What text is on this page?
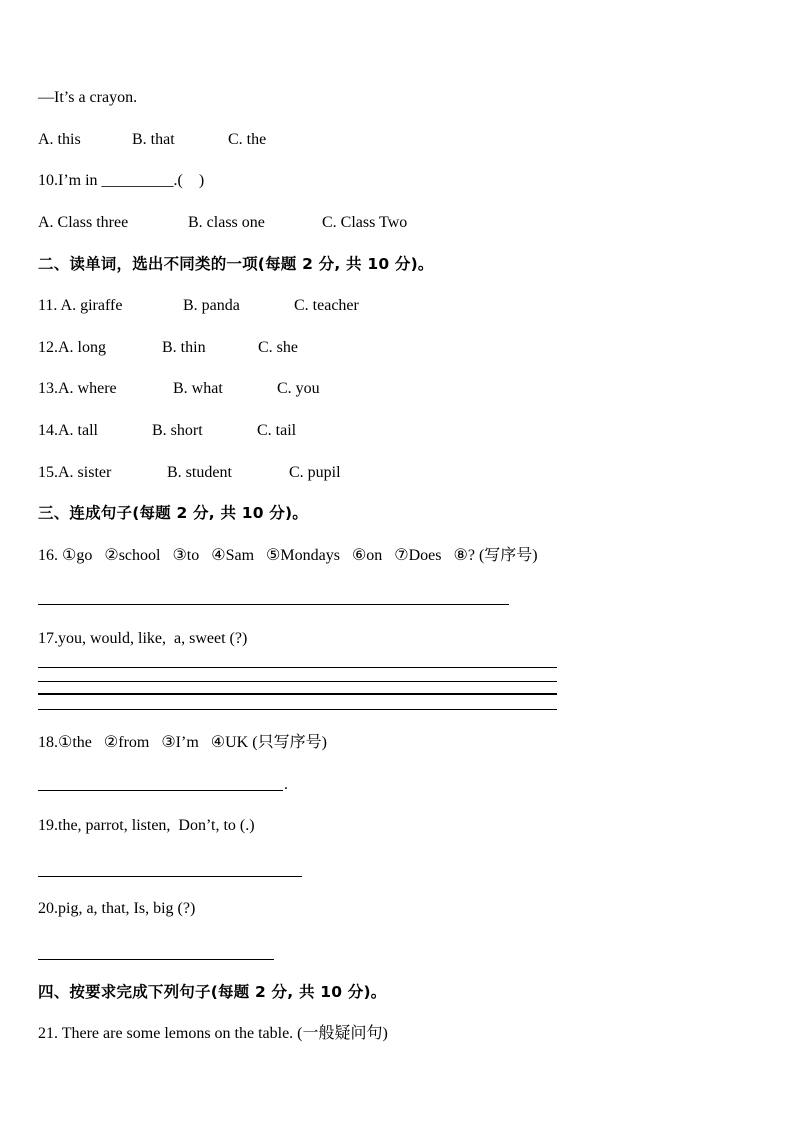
—It’s a crayon.
A. this	B. that	C. the
10.I’m in _________.(    )
A. Class three	B. class one	C. Class Two
二、读单词，选出不同类的一项(每题 2 分, 共 10 分)。
11. A. giraffe	B. panda	C. teacher
12.A. long	B. thin	C. she
13.A. where	B. what	C. you
14.A. tall	B. short	C. tail
15.A. sister	B. student	C. pupil
三、连成句子(每题 2 分, 共 10 分)。
16. ①go   ②school   ③to   ④Sam   ⑤Mondays   ⑥on   ⑦Does   ⑧? (写序号)
17.you, would, like,  a, sweet (?)
18.①the   ②from   ③I’m   ④UK (只写序号)
.
19.the, parrot, listen,  Don’t, to (.)
20.pig, a, that, Is, big (?)
四、按要求完成下列句子(每题 2 分, 共 10 分)。
21. There are some lemons on the table. (一般疑问句)
